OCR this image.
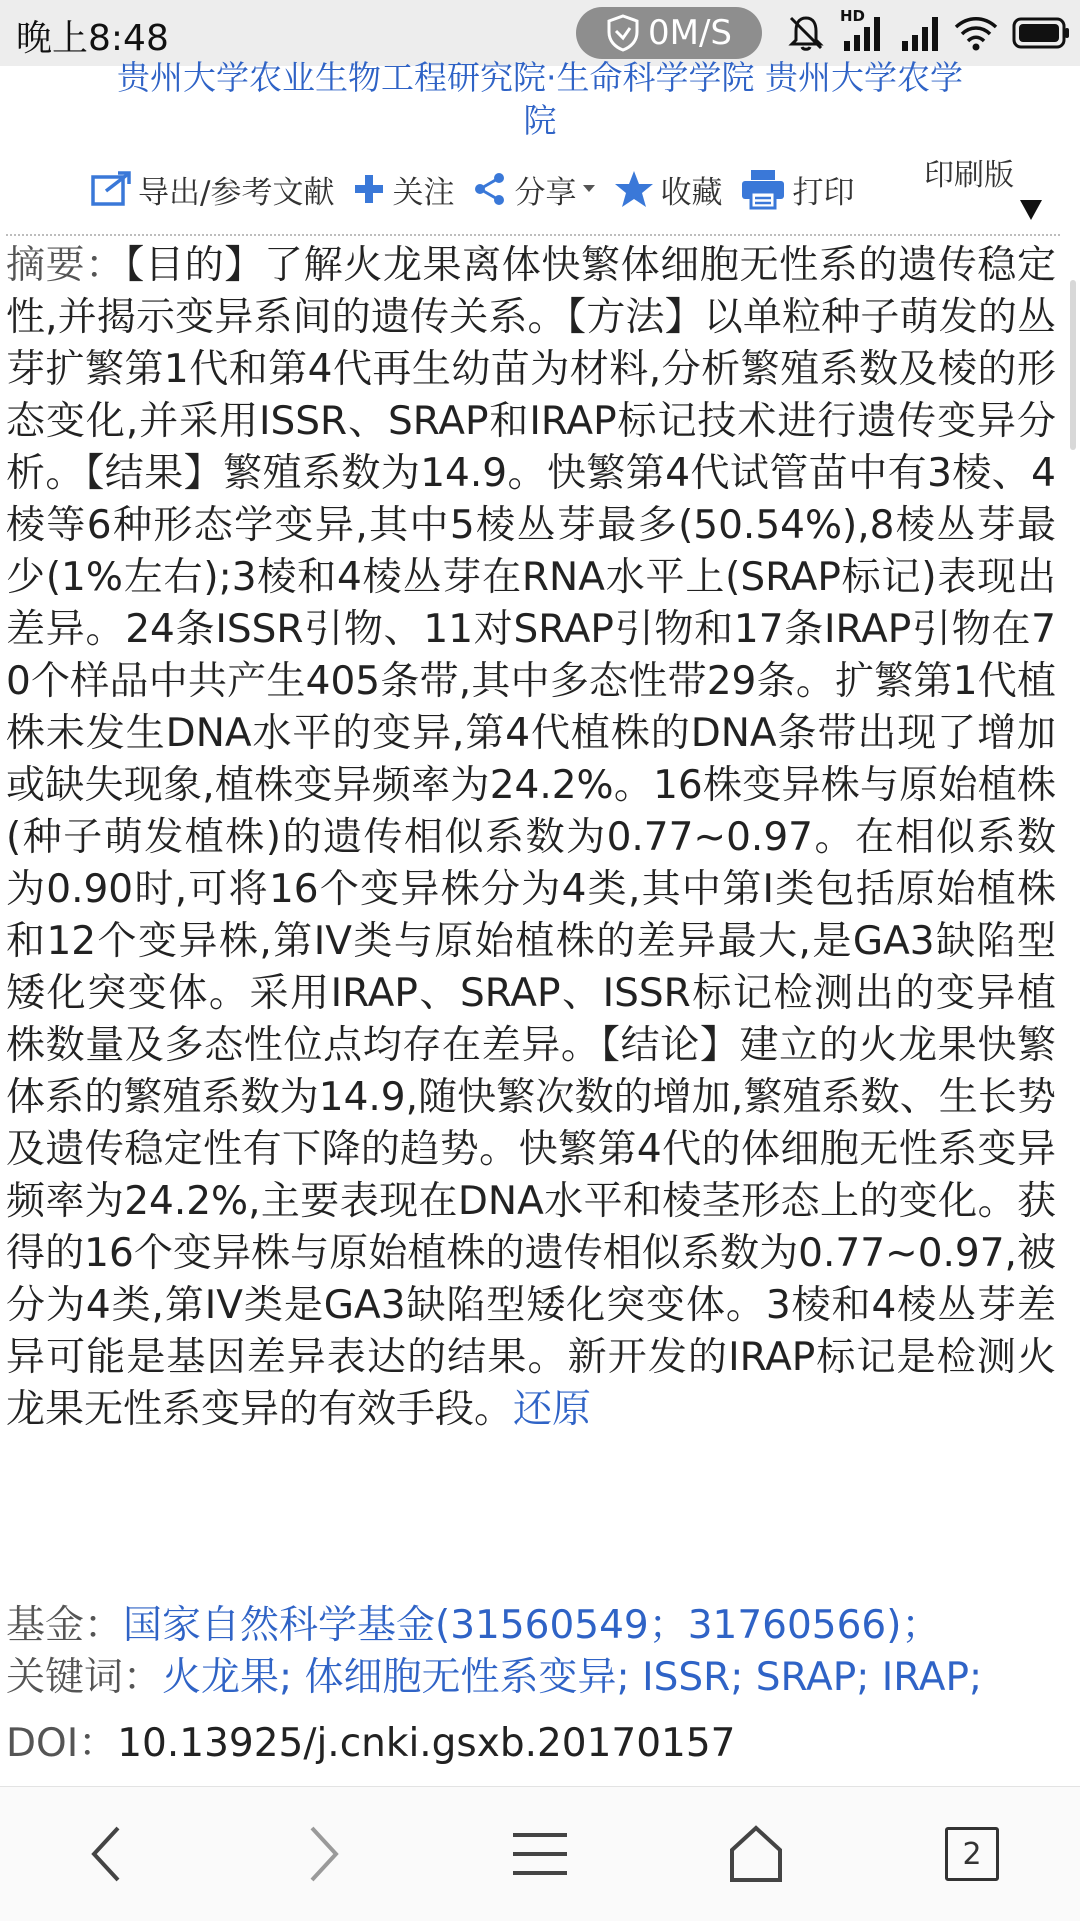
晚上8:48	0M/S	HD
贵州大学农业生物工程研究院·生命科学学院 贵州大学农学
院
导出/参考文献 关注 分享	收藏 打印 印刷版
摘要：【目的】了解火龙果离体快繁体细胞无性系的遗传稳定性,并揭示变异系间的遗传关系。【方法】以单粒种子萌发的丛芽扩繁第1代和第4代再生幼苗为材料,分析繁殖系数及棱的形态变化,并采用ISSR、SRAP和IRAP标记技术进行遗传变异分析。【结果】繁殖系数为14.9。快繁第4代试管苗中有3棱、4棱等6种形态学变异,其中5棱丛芽最多(50.54%),8棱丛芽最少(1%左右);3棱和4棱丛芽在RNA水平上(SRAP标记)表现出差异。24条ISSR引物、11对SRAP引物和17条IRAP引物在70个样品中共产生405条带,其中多态性带29条。扩繁第1代植株未发生DNA水平的变异,第4代植株的DNA条带出现了增加或缺失现象,植株变异频率为24.2%。16株变异株与原始植株(种子萌发植株)的遗传相似系数为0.77~0.97。在相似系数为0.90时,可将16个变异株分为4类,其中第I类包括原始植株和12个变异株,第IV类与原始植株的差异最大,是GA3缺陷型矮化突变体。采用IRAP、SRAP、ISSR标记检测出的变异植株数量及多态性位点均存在差异。【结论】建立的火龙果快繁体系的繁殖系数为14.9,随快繁次数的增加,繁殖系数、生长势及遗传稳定性有下降的趋势。快繁第4代的体细胞无性系变异频率为24.2%,主要表现在DNA水平和棱茎形态上的变化。获得的16个变异株与原始植株的遗传相似系数为0.77~0.97,被分为4类,第IV类是GA3缺陷型矮化突变体。3棱和4棱丛芽差异可能是基因差异表达的结果。新开发的IRAP标记是检测火龙果无性系变异的有效手段。还原
基金：国家自然科学基金(31560549；31760566)；
关键词：火龙果; 体细胞无性系变异; ISSR; SRAP; IRAP;
DOI：10.13925/j.cnki.gsxb.20170157
2
